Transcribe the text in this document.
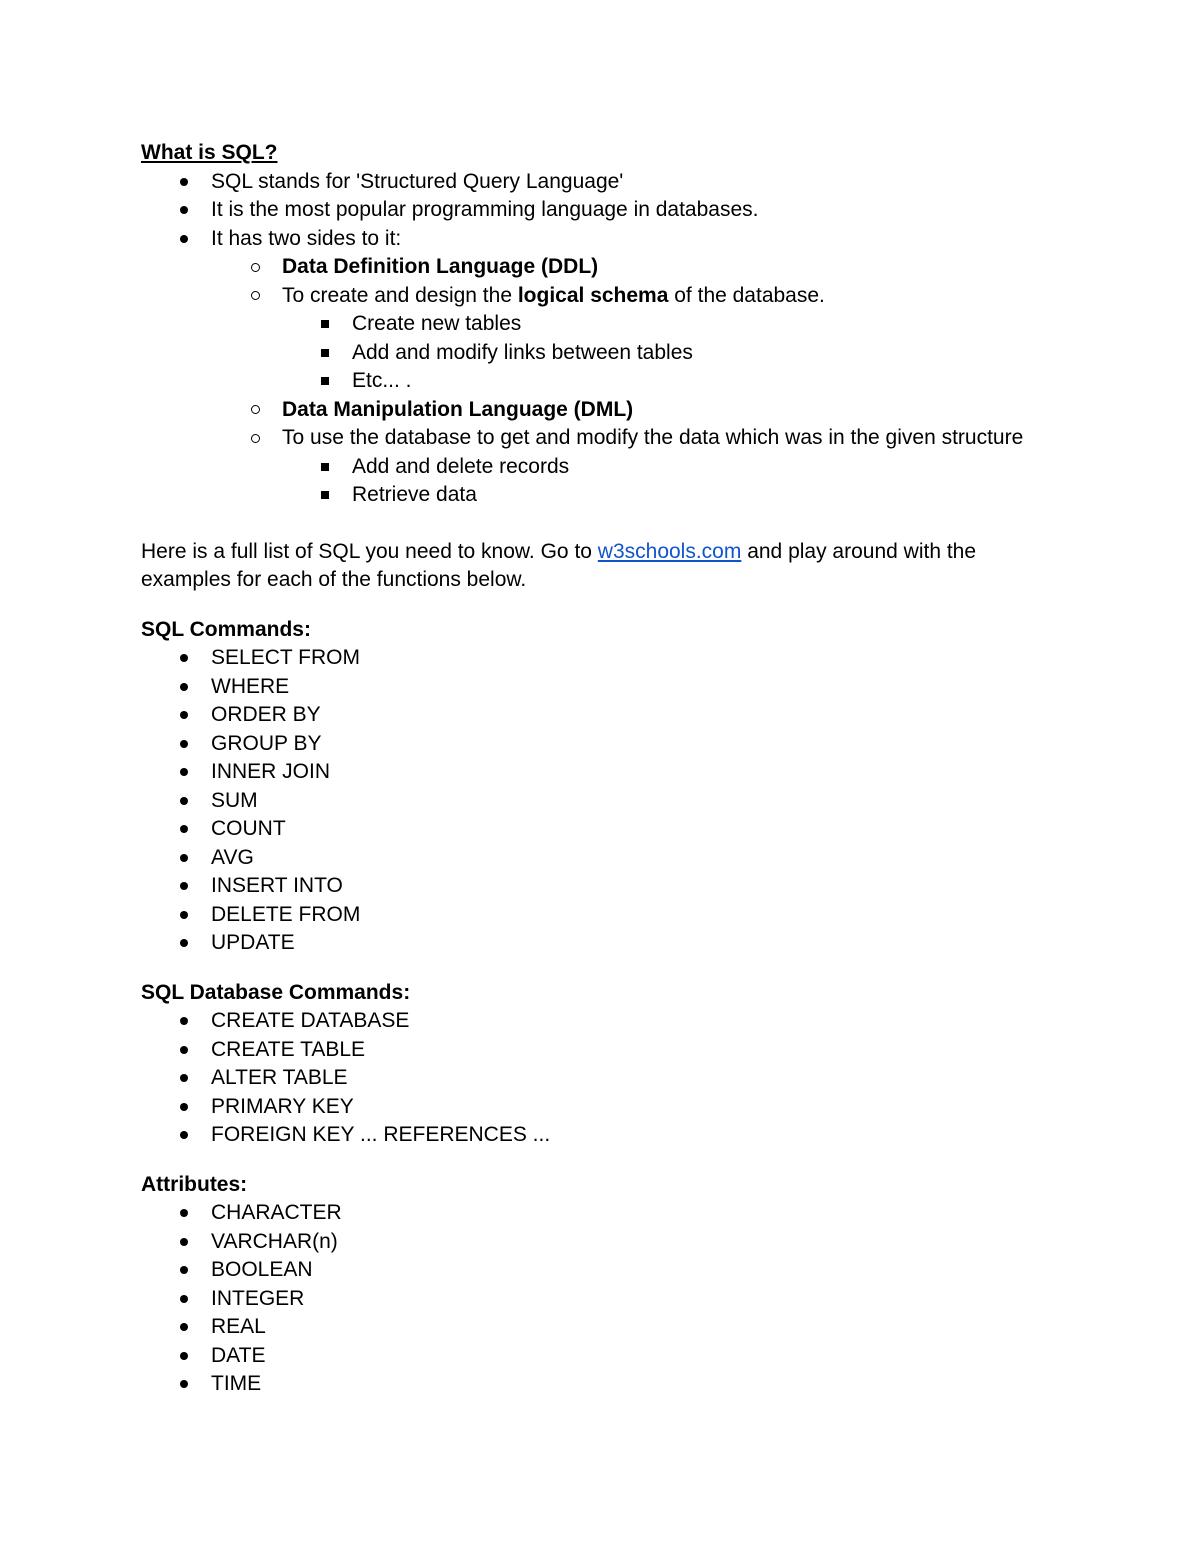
What is SQL?
SQL stands for 'Structured Query Language'
It is the most popular programming language in databases.
It has two sides to it:
Data Definition Language (DDL)
To create and design the logical schema of the database.
Create new tables
Add and modify links between tables
Etc... .
Data Manipulation Language (DML)
To use the database to get and modify the data which was in the given structure
Add and delete records
Retrieve data
Here is a full list of SQL you need to know. Go to w3schools.com and play around with the examples for each of the functions below.
SQL Commands:
SELECT FROM
WHERE
ORDER BY
GROUP BY
INNER JOIN
SUM
COUNT
AVG
INSERT INTO
DELETE FROM
UPDATE
SQL Database Commands:
CREATE DATABASE
CREATE TABLE
ALTER TABLE
PRIMARY KEY
FOREIGN KEY ... REFERENCES ...
Attributes:
CHARACTER
VARCHAR(n)
BOOLEAN
INTEGER
REAL
DATE
TIME
